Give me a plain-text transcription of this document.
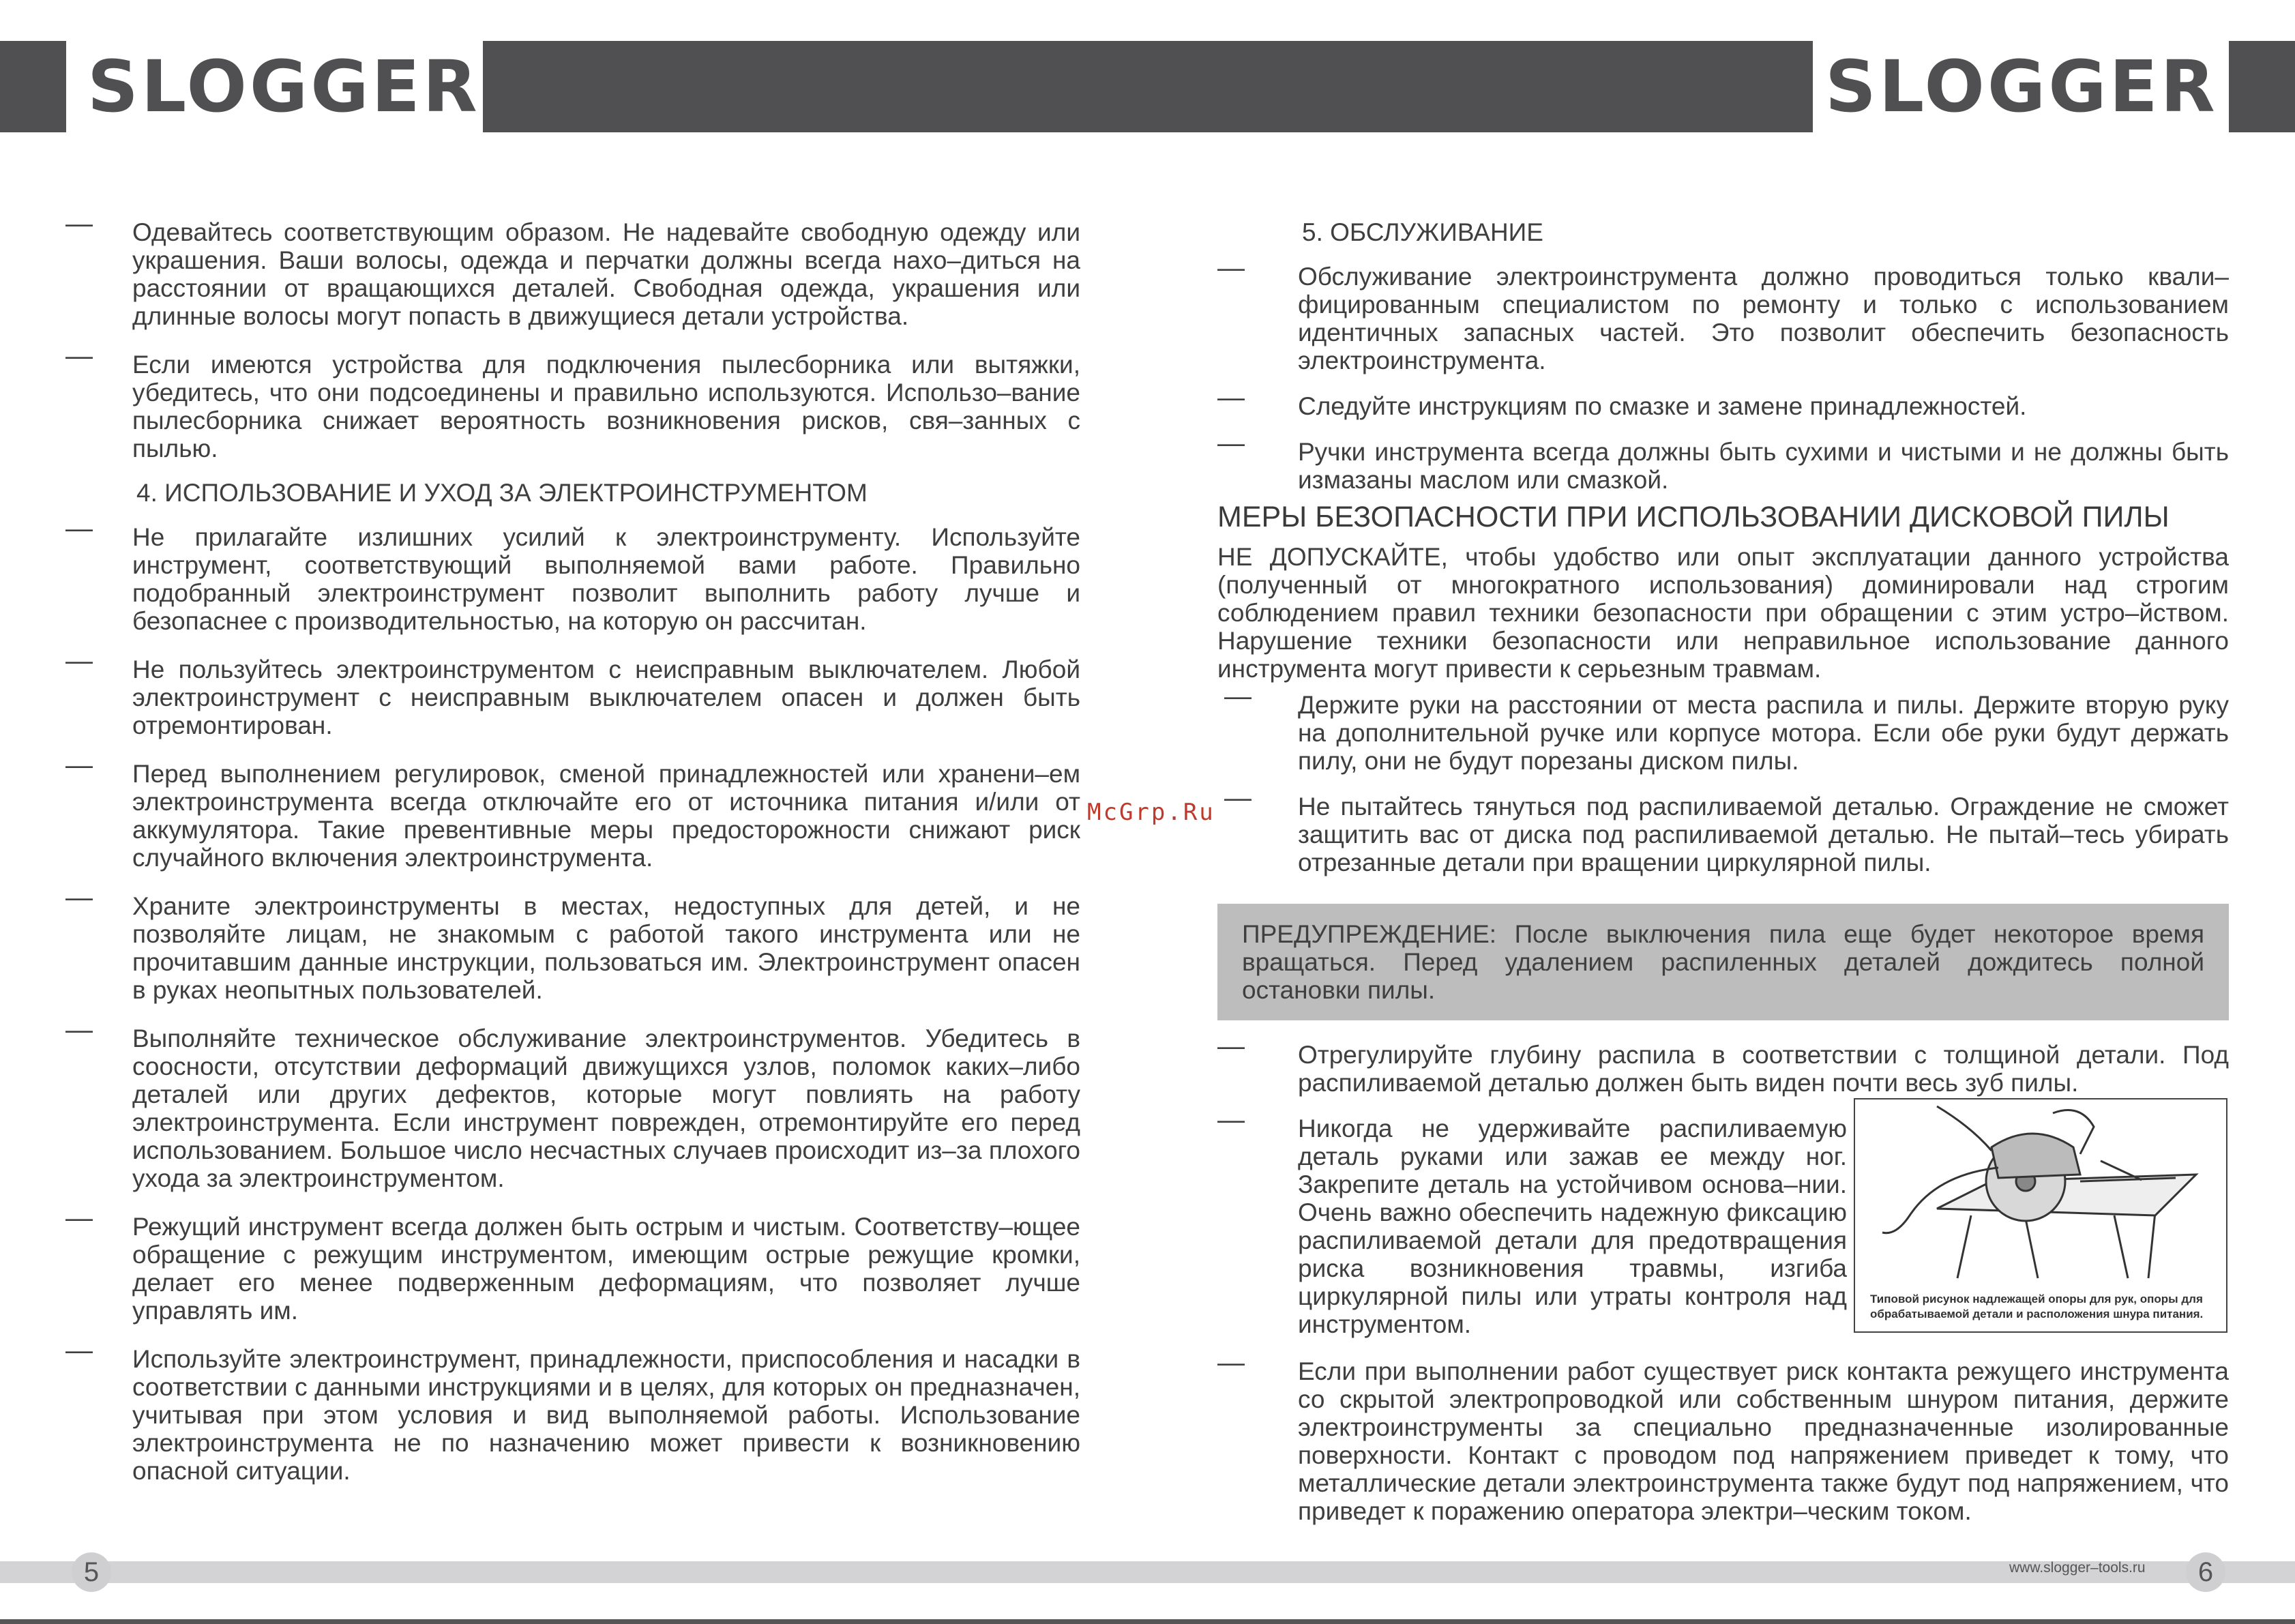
SLOGGER	SLOGGER
— Одевайтесь соответствующим образом. Не надевайте свободную одежду или украшения. Ваши волосы, одежда и перчатки должны всегда нахо–диться на расстоянии от вращающихся деталей. Свободная одежда, украшения или длинные волосы могут попасть в движущиеся детали устройства.
— Если имеются устройства для подключения пылесборника или вытяжки, убедитесь, что они подсоединены и правильно используются. Использо–вание пылесборника снижает вероятность возникновения рисков, свя–занных с пылью.
4. ИСПОЛЬЗОВАНИЕ И УХОД ЗА ЭЛЕКТРОИНСТРУМЕНТОМ
— Не прилагайте излишних усилий к электроинструменту. Используйте инструмент, соответствующий выполняемой вами работе. Правильно подобранный электроинструмент позволит выполнить работу лучше и безопаснее с производительностью, на которую он рассчитан.
— Не пользуйтесь электроинструментом с неисправным выключателем. Любой электроинструмент с неисправным выключателем опасен и должен быть отремонтирован.
— Перед выполнением регулировок, сменой принадлежностей или хранени–ем электроинструмента всегда отключайте его от источника питания и/или от аккумулятора. Такие превентивные меры предосторожности снижают риск случайного включения электроинструмента.
— Храните электроинструменты в местах, недоступных для детей, и не позволяйте лицам, не знакомым с работой такого инструмента или не прочитавшим данные инструкции, пользоваться им. Электроинструмент опасен в руках неопытных пользователей.
— Выполняйте техническое обслуживание электроинструментов. Убедитесь в соосности, отсутствии деформаций движущихся узлов, поломок каких–либо деталей или других дефектов, которые могут повлиять на работу электроинструмента. Если инструмент поврежден, отремонтируйте его перед использованием. Большое число несчастных случаев происходит из–за плохого ухода за электроинструментом.
— Режущий инструмент всегда должен быть острым и чистым. Соответству–ющее обращение с режущим инструментом, имеющим острые режущие кромки, делает его менее подверженным деформациям, что позволяет лучше управлять им.
— Используйте электроинструмент, принадлежности, приспособления и насадки в соответствии с данными инструкциями и в целях, для которых он предназначен, учитывая при этом условия и вид выполняемой работы. Использование электроинструмента не по назначению может привести к возникновению опасной ситуации.
McGrp.Ru
5. ОБСЛУЖИВАНИЕ
— Обслуживание электроинструмента должно проводиться только квали–фицированным специалистом по ремонту и только с использованием идентичных запасных частей. Это позволит обеспечить безопасность электроинструмента.
— Следуйте инструкциям по смазке и замене принадлежностей.
— Ручки инструмента всегда должны быть сухими и чистыми и не должны быть измазаны маслом или смазкой.
МЕРЫ БЕЗОПАСНОСТИ ПРИ ИСПОЛЬЗОВАНИИ ДИСКОВОЙ ПИЛЫ
НЕ ДОПУСКАЙТЕ, чтобы удобство или опыт эксплуатации данного устройства (полученный от многократного использования) доминировали над строгим соблюдением правил техники безопасности при обращении с этим устро–йством. Нарушение техники безопасности или неправильное использование данного инструмента могут привести к серьезным травмам.
— Держите руки на расстоянии от места распила и пилы. Держите вторую руку на дополнительной ручке или корпусе мотора. Если обе руки будут держать пилу, они не будут порезаны диском пилы.
— Не пытайтесь тянуться под распиливаемой деталью. Ограждение не сможет защитить вас от диска под распиливаемой деталью. Не пытай–тесь убирать отрезанные детали при вращении циркулярной пилы.
ПРЕДУПРЕЖДЕНИЕ: После выключения пила еще будет некоторое время вращаться. Перед удалением распиленных деталей дождитесь полной остановки пилы.
— Отрегулируйте глубину распила в соответствии с толщиной детали. Под распиливаемой деталью должен быть виден почти весь зуб пилы.
— Никогда не удерживайте распиливаемую деталь руками или зажав ее между ног. Закрепите деталь на устойчивом основа–нии. Очень важно обеспечить надежную фиксацию распиливаемой детали для предотвращения риска возникновения травмы, изгиба циркулярной пилы или утраты контроля над инструментом.
— Если при выполнении работ существует риск контакта режущего инструмента со скрытой электропроводкой или собственным шнуром питания, держите электроинструменты за специально предназначенные изолированные поверхности. Контакт с проводом под напряжением приведет к тому, что металлические детали электроинструмента также будут под напряжением, что приведет к поражению оператора электри–ческим током.
Типовой рисунок надлежащей опоры для рук, опоры для обрабатываемой детали и расположения шнура питания.
5	www.slogger–tools.ru	6
